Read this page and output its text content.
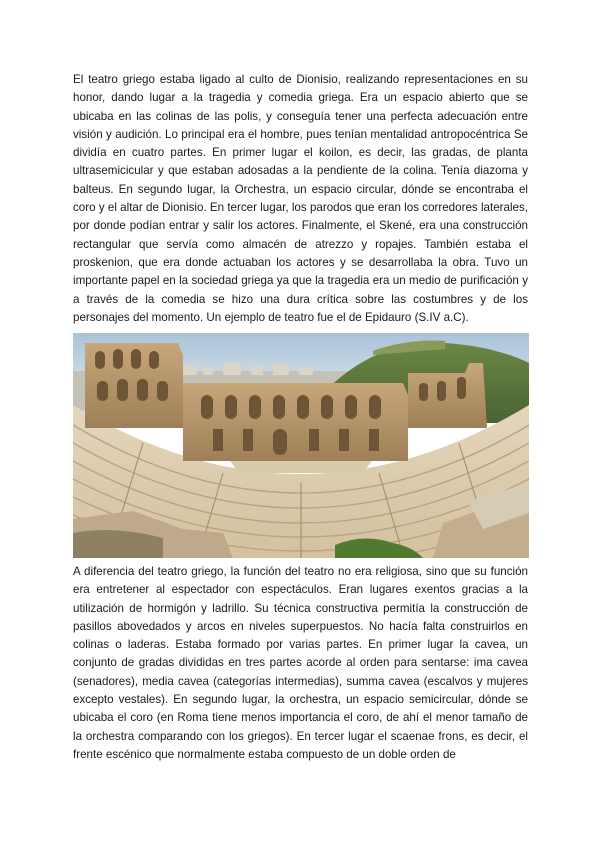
El teatro griego estaba ligado al culto de Dionisio, realizando representaciones en su honor, dando lugar a la tragedia y comedia griega. Era un espacio abierto que se ubicaba en las colinas de las polis, y conseguía tener una perfecta adecuación entre visión y audición. Lo principal era el hombre, pues tenían mentalidad antropocéntrica Se dividía en cuatro partes. En primer lugar el koilon, es decir, las gradas, de planta ultrasemicicular y que estaban adosadas a la pendiente de la colina. Tenía diazoma y balteus. En segundo lugar, la Orchestra, un espacio circular, dónde se encontraba el coro y el altar de Dionisio. En tercer lugar, los parodos que eran los corredores laterales, por donde podían entrar y salir los actores. Finalmente, el Skené, era una construcción rectangular que servía como almacén de atrezzo y ropajes. También estaba el proskenion, que era donde actuaban los actores y se desarrollaba la obra. Tuvo un importante papel en la sociedad griega ya que la tragedia era un medio de purificación y a través de la comedia se hizo una dura crítica sobre las costumbres y de los personajes del momento. Un ejemplo de teatro fue el de Epidauro (S.IV a.C).

A diferencia del teatro griego, la función del teatro no era religiosa, sino que su función era entretener al espectador con espectáculos. Eran lugares exentos gracias a la utilización de hormigón y ladrillo. Su técnica constructiva permitía la construcción de pasillos abovedados y arcos en niveles superpuestos. No hacía falta construirlos en colinas o laderas. Estaba formado por varias partes. En primer lugar la cavea, un conjunto de gradas divididas en tres partes acorde al orden para sentarse: ima cavea (senadores), media cavea (categorías intermedias), summa cavea (escalvos y mujeres excepto vestales). En segundo lugar, la orchestra, un espacio semicircular, dónde se ubicaba el coro (en Roma tiene menos importancia el coro, de ahí el menor tamaño de la orchestra comparando con los griegos). En tercer lugar el scaenae frons, es decir, el frente escénico que normalmente estaba compuesto de un doble orden de
